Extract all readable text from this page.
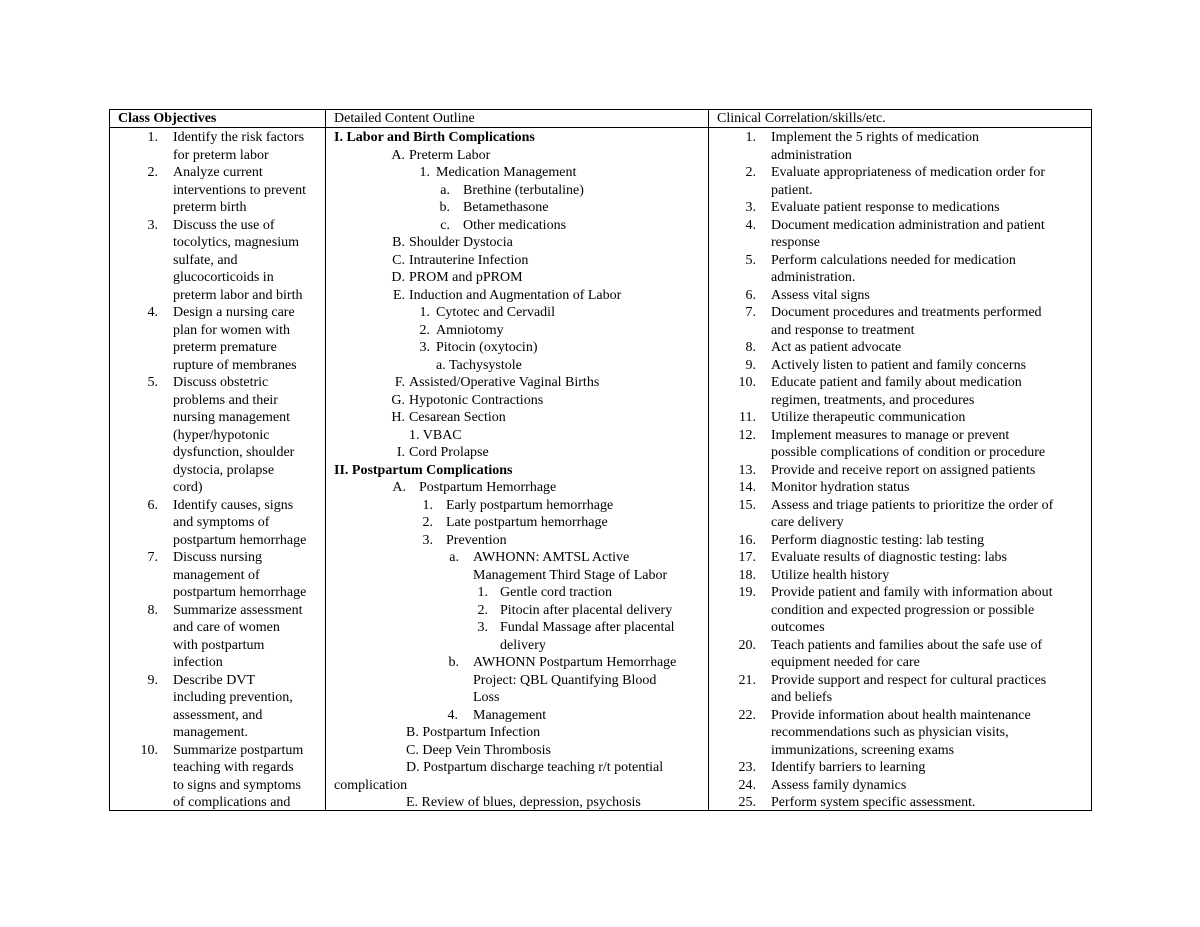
Class Objectives	Detailed Content Outline	Clinical Correlation/skills/etc.
1. Identify the risk factors
for preterm labor
2. Analyze current
interventions to prevent
preterm birth
3. Discuss the use of
tocolytics, magnesium
sulfate, and
glucocorticoids in
preterm labor and birth
4. Design a nursing care
plan for women with
preterm premature
rupture of membranes
5. Discuss obstetric
problems and their
nursing management
(hyper/hypotonic
dysfunction, shoulder
dystocia, prolapse
cord)
6. Identify causes, signs
and symptoms of
postpartum hemorrhage
7. Discuss nursing
management of
postpartum hemorrhage
8. Summarize assessment
and care of women
with postpartum
infection
9. Describe DVT
including prevention,
assessment, and
management.
10. Summarize postpartum
teaching with regards
to signs and symptoms
of complications and
I. Labor and Birth Complications
A. Preterm Labor
1. Medication Management
a. Brethine (terbutaline)
b. Betamethasone
c. Other medications
B. Shoulder Dystocia
C. Intrauterine Infection
D. PROM and pPROM
E. Induction and Augmentation of Labor
1. Cytotec and Cervadil
2. Amniotomy
3. Pitocin (oxytocin)
a. Tachysystole
F. Assisted/Operative Vaginal Births
G. Hypotonic Contractions
H. Cesarean Section
1. VBAC
I. Cord Prolapse
II. Postpartum Complications
A. Postpartum Hemorrhage
1. Early postpartum hemorrhage
2. Late postpartum hemorrhage
3. Prevention
a. AWHONN: AMTSL Active
Management Third Stage of Labor
1. Gentle cord traction
2. Pitocin after placental delivery
3. Fundal Massage after placental
delivery
b. AWHONN Postpartum Hemorrhage
Project: QBL Quantifying Blood
Loss
4. Management
B. Postpartum Infection
C. Deep Vein Thrombosis
D. Postpartum discharge teaching r/t potential
complication
E. Review of blues, depression, psychosis
1. Implement the 5 rights of medication
administration
2. Evaluate appropriateness of medication order for
patient.
3. Evaluate patient response to medications
4. Document medication administration and patient
response
5. Perform calculations needed for medication
administration.
6. Assess vital signs
7. Document procedures and treatments performed
and response to treatment
8. Act as patient advocate
9. Actively listen to patient and family concerns
10. Educate patient and family about medication
regimen, treatments, and procedures
11. Utilize therapeutic communication
12. Implement measures to manage or prevent
possible complications of condition or procedure
13. Provide and receive report on assigned patients
14. Monitor hydration status
15. Assess and triage patients to prioritize the order of
care delivery
16. Perform diagnostic testing: lab testing
17. Evaluate results of diagnostic testing: labs
18. Utilize health history
19. Provide patient and family with information about
condition and expected progression or possible
outcomes
20. Teach patients and families about the safe use of
equipment needed for care
21. Provide support and respect for cultural practices
and beliefs
22. Provide information about health maintenance
recommendations such as physician visits,
immunizations, screening exams
23. Identify barriers to learning
24. Assess family dynamics
25. Perform system specific assessment.
